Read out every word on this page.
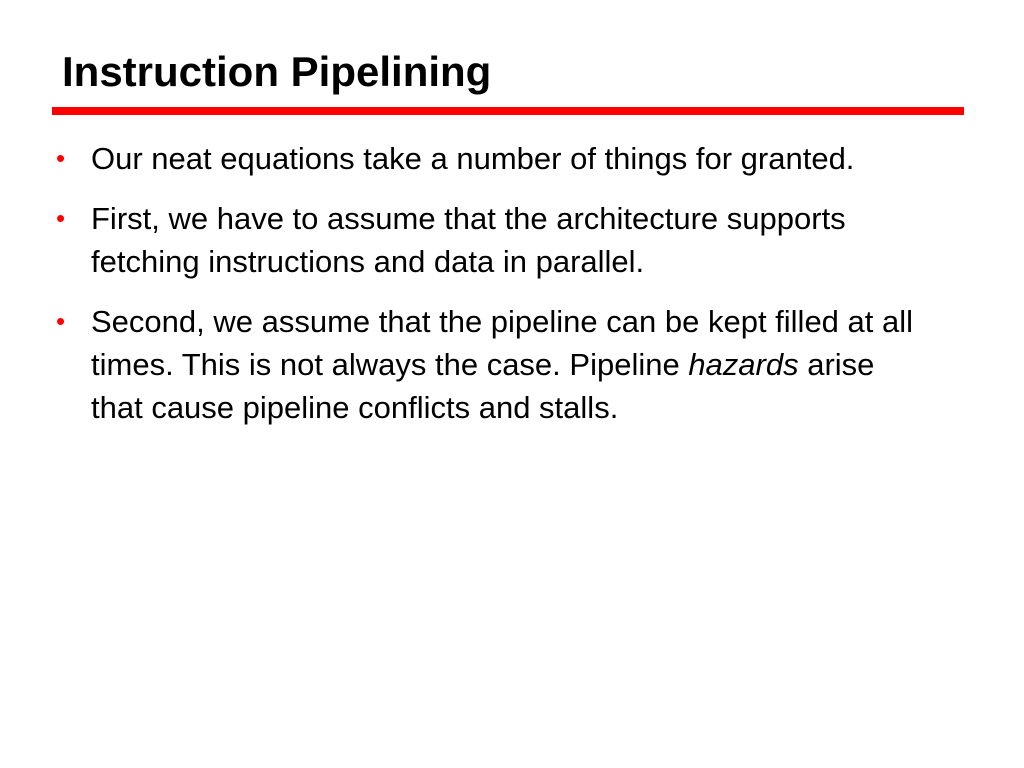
Instruction Pipelining
• Our neat equations take a number of things for granted.
• First, we have to assume that the architecture supports fetching instructions and data in parallel.
• Second, we assume that the pipeline can be kept filled at all times. This is not always the case. Pipeline hazards arise that cause pipeline conflicts and stalls.
